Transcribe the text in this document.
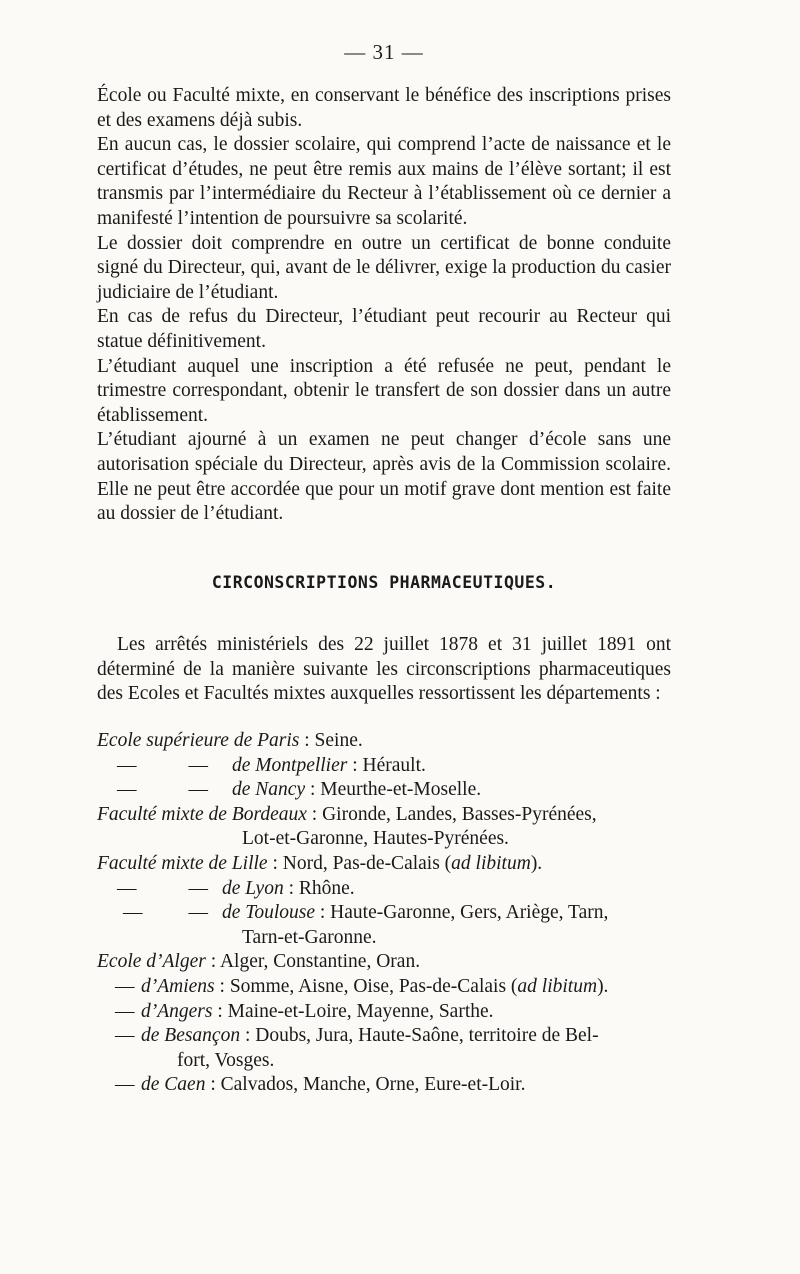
— 31 —

École ou Faculté mixte, en conservant le bénéfice des inscriptions prises et des examens déjà subis.

En aucun cas, le dossier scolaire, qui comprend l’acte de naissance et le certificat d’études, ne peut être remis aux mains de l’élève sortant; il est transmis par l’intermédiaire du Recteur à l’établissement où ce dernier a manifesté l’intention de poursuivre sa scolarité.

Le dossier doit comprendre en outre un certificat de bonne conduite signé du Directeur, qui, avant de le délivrer, exige la production du casier judiciaire de l’étudiant.

En cas de refus du Directeur, l’étudiant peut recourir au Recteur qui statue définitivement.

L’étudiant auquel une inscription a été refusée ne peut, pendant le trimestre correspondant, obtenir le transfert de son dossier dans un autre établissement.

L’étudiant ajourné à un examen ne peut changer d’école sans une autorisation spéciale du Directeur, après avis de la Commission scolaire. Elle ne peut être accordée que pour un motif grave dont mention est faite au dossier de l’étudiant.

CIRCONSCRIPTIONS PHARMACEUTIQUES.

Les arrêtés ministériels des 22 juillet 1878 et 31 juillet 1891 ont déterminé de la manière suivante les circonscriptions pharmaceutiques des Ecoles et Facultés mixtes auxquelles ressortissent les départements :

Ecole supérieure de Paris : Seine.
—	— de Montpellier : Hérault.
—	— de Nancy : Meurthe-et-Moselle.
Faculté mixte de Bordeaux : Gironde, Landes, Basses-Pyrénées,
Lot-et-Garonne, Hautes-Pyrénées.
Faculté mixte de Lille : Nord, Pas-de-Calais (ad libitum).
—	— de Lyon : Rhône.
— — de Toulouse : Haute-Garonne, Gers, Ariège, Tarn,
Tarn-et-Garonne.
Ecole d’Alger : Alger, Constantine, Oran.
— d’Amiens : Somme, Aisne, Oise, Pas-de-Calais (ad libitum).
— d’Angers : Maine-et-Loire, Mayenne, Sarthe.
— de Besançon : Doubs, Jura, Haute-Saône, territoire de Bel-
fort, Vosges.
— de Caen : Calvados, Manche, Orne, Eure-et-Loir.
